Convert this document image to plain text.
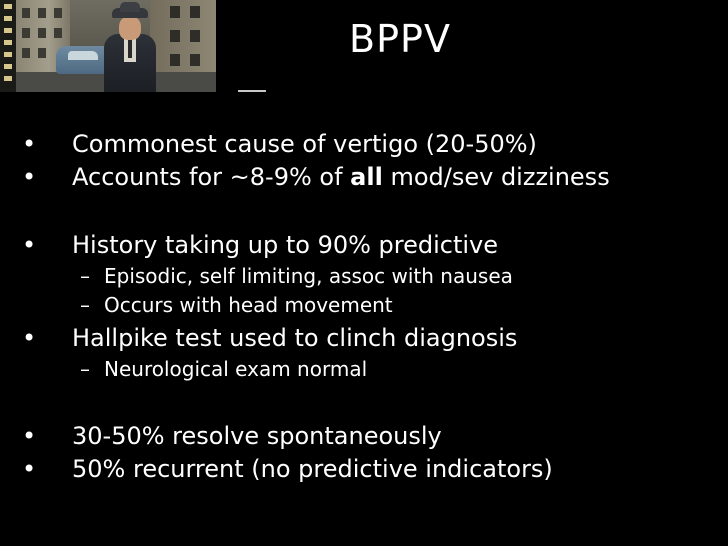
BPPV
• Commonest cause of vertigo (20-50%)
• Accounts for ~8-9% of all mod/sev dizziness
• History taking up to 90% predictive
– Episodic, self limiting, assoc with nausea
– Occurs with head movement
• Hallpike test used to clinch diagnosis
– Neurological exam normal
• 30-50% resolve spontaneously
• 50% recurrent (no predictive indicators)
